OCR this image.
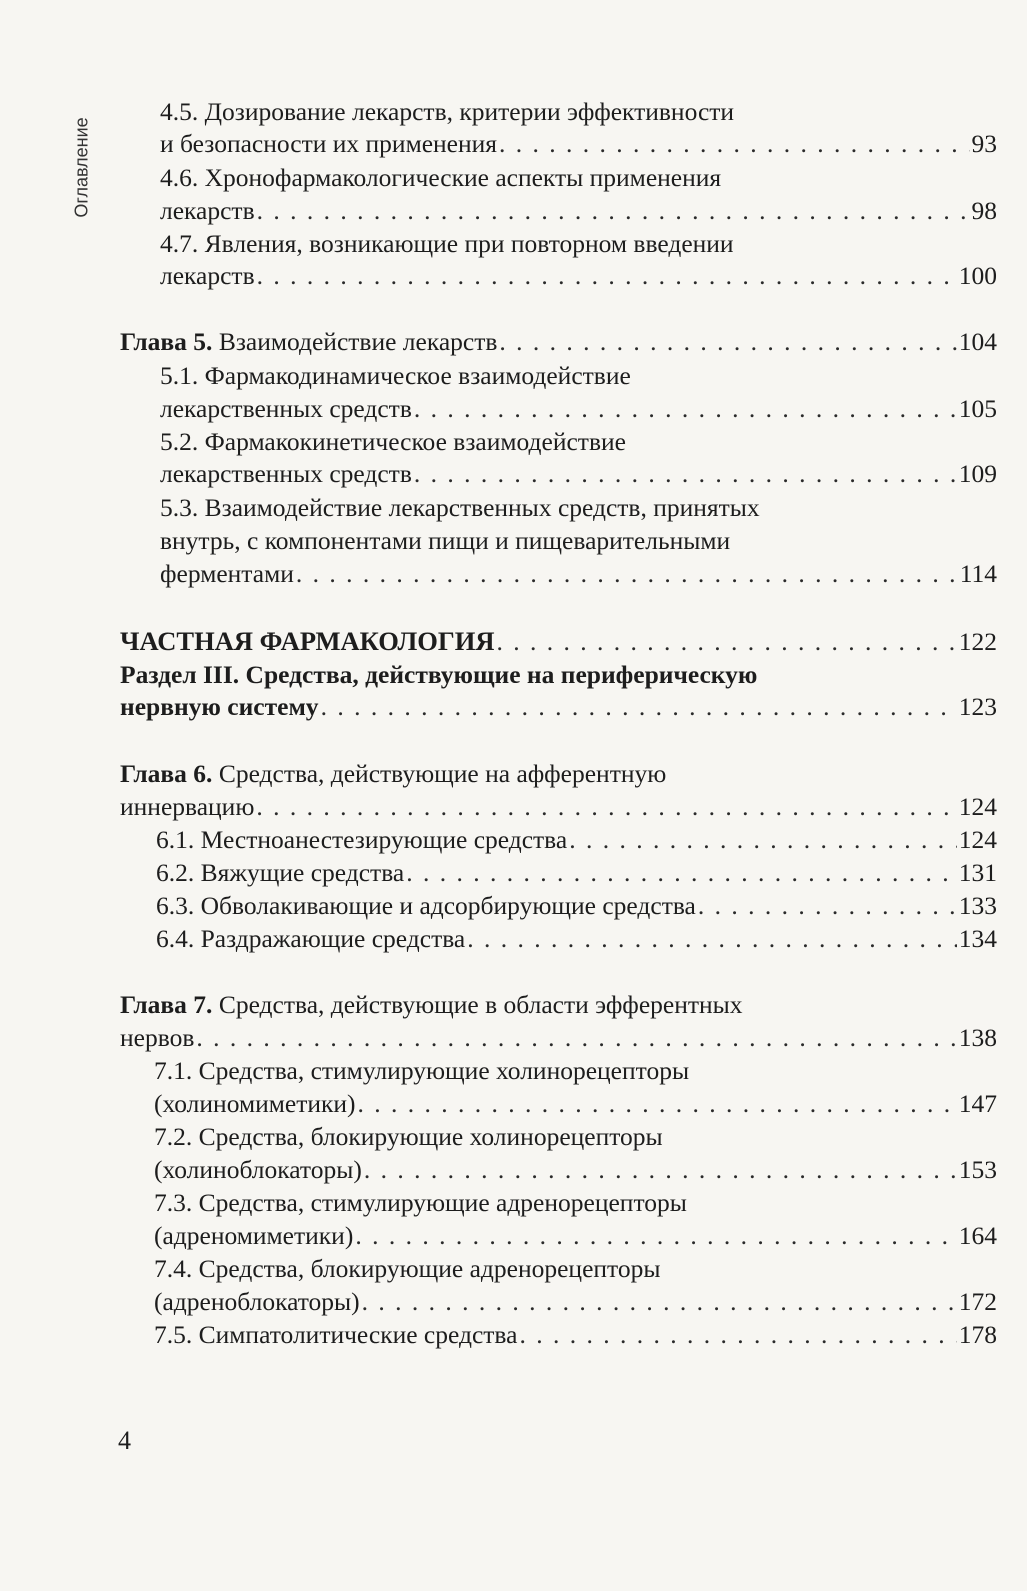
Оглавление
4.5. Дозирование лекарств, критерии эффективности
и безопасности их применения . . .	93
4.6. Хронофармакологические аспекты применения
лекарств . . .	98
4.7. Явления, возникающие при повторном введении
лекарств . . .	100
Глава 5. Взаимодействие лекарств . . .	104
5.1. Фармакодинамическое взаимодействие
лекарственных средств . . .	105
5.2. Фармакокинетическое взаимодействие
лекарственных средств . . .	109
5.3. Взаимодействие лекарственных средств, принятых
внутрь, с компонентами пищи и пищеварительными
ферментами . . .	114
ЧАСТНАЯ ФАРМАКОЛОГИЯ . . .	122
Раздел III. Средства, действующие на периферическую
нервную систему . . .	123
Глава 6. Средства, действующие на афферентную
иннервацию . . .	124
6.1. Местноанестезирующие средства . . .	124
6.2. Вяжущие средства . . .	131
6.3. Обволакивающие и адсорбирующие средства . . .	133
6.4. Раздражающие средства . . .	134
Глава 7. Средства, действующие в области эфферентных
нервов . . .	138
7.1. Средства, стимулирующие холинорецепторы
(холиномиметики) . . .	147
7.2. Средства, блокирующие холинорецепторы
(холиноблокаторы) . . .	153
7.3. Средства, стимулирующие адренорецепторы
(адреномиметики) . . .	164
7.4. Средства, блокирующие адренорецепторы
(адреноблокаторы) . . .	172
7.5. Симпатолитические средства . . .	178
4
